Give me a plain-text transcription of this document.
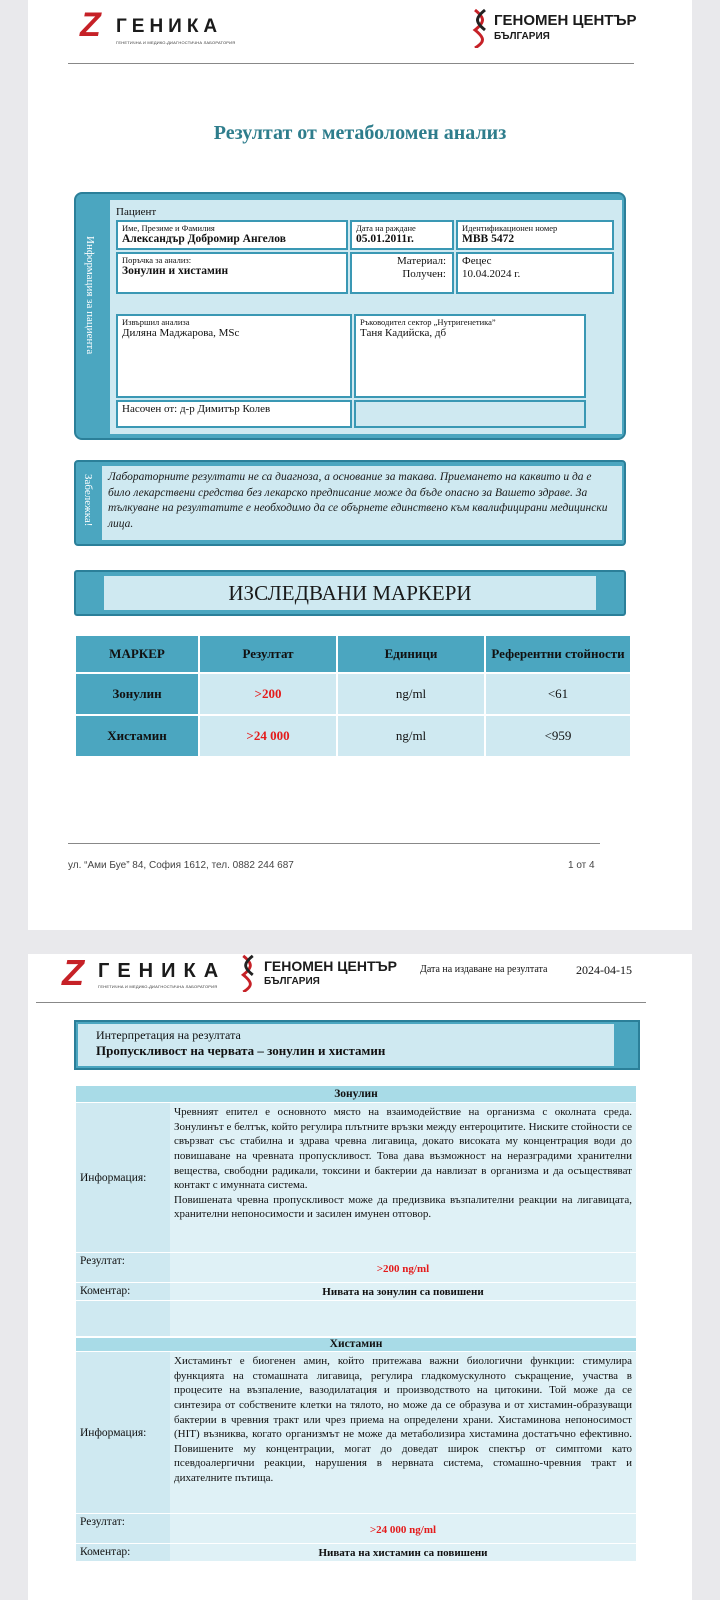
Z ГЕНИКА
ГЕНЕТИЧНА И МЕДИКО-ДИАГНОСТИЧНА ЛАБОРАТОРИЯ
ГЕНОМЕН ЦЕНТЪР
БЪЛГАРИЯ
Резултат от метаболомен анализ
Информация за пациента
Пациент
Име, Презиме и Фамилия
Александър Добромир Ангелов
Дата на раждане
05.01.2011г.
Идентификационен номер
MBB 5472
Поръчка за анализ:
Зонулин и хистамин
Материал:
Получен:
Фецес
10.04.2024 г.
Извършил анализа
Диляна Маджарова, MSc
Ръководител сектор „Нутригенетика”
Таня Кадийска, дб
Насочен от: д-р Димитър Колев
Забележка!	Лабораторните резултати не са диагноза, а основание за такава. Приемането на каквито и да е било лекарствени средства без лекарско предписание може да бъде опасно за Вашето здраве. За тълкуване на резултатите е необходимо да се обърнете единствено към квалифицирани медицински лица.
ИЗСЛЕДВАНИ МАРКЕРИ
МАРКЕР	Резултат	Единици	Референтни стойности
Зонулин	>200	ng/ml	<61
Хистамин	>24 000	ng/ml	<959
ул. “Ами Буе” 84, София 1612, тел. 0882 244 687	1 от 4
Z ГЕНИКА
ГЕНЕТИЧНА И МЕДИКО-ДИАГНОСТИЧНА ЛАБОРАТОРИЯ
ГЕНОМЕН ЦЕНТЪР
БЪЛГАРИЯ
Дата на издаване на резултата 2024-04-15
Интерпретация на резултата
Пропускливост на червата – зонулин и хистамин
Зонулин
Информация:
Чревният епител е основното място на взаимодействие на организма с околната среда. Зонулинът е белтък, който регулира плътните връзки между ентероцитите. Ниските стойности се свързват със стабилна и здрава чревна лигавица, докато високата му концентрация води до повишаване на чревната пропускливост. Това дава възможност на неразградими хранителни вещества, свободни радикали, токсини и бактерии да навлизат в организма и да осъществяват контакт с имунната система.
Повишената чревна пропускливост може да предизвика възпалителни реакции на лигавицата, хранителни непоносимости и засилен имунен отговор.
Резултат:
>200 ng/ml
Коментар:	Нивата на зонулин са повишени
Хистамин
Информация:
Хистаминът е биогенен амин, който притежава важни биологични функции: стимулира функцията на стомашната лигавица, регулира гладкомускулното съкращение, участва в процесите на възпаление, вазодилатация и производството на цитокини. Той може да се синтезира от собствените клетки на тялото, но може да се образува и от хистамин-образуващи бактерии в чревния тракт или чрез приема на определени храни. Хистаминова непоносимост (HIT) възниква, когато организмът не може да метаболизира хистамина достатъчно ефективно. Повишените му концентрации, могат до доведат широк спектър от симптоми като псевдоалергични реакции, нарушения в нервната система, стомашно-чревния тракт и дихателните пътища.
Резултат:
>24 000 ng/ml
Коментар:	Нивата на хистамин са повишени
